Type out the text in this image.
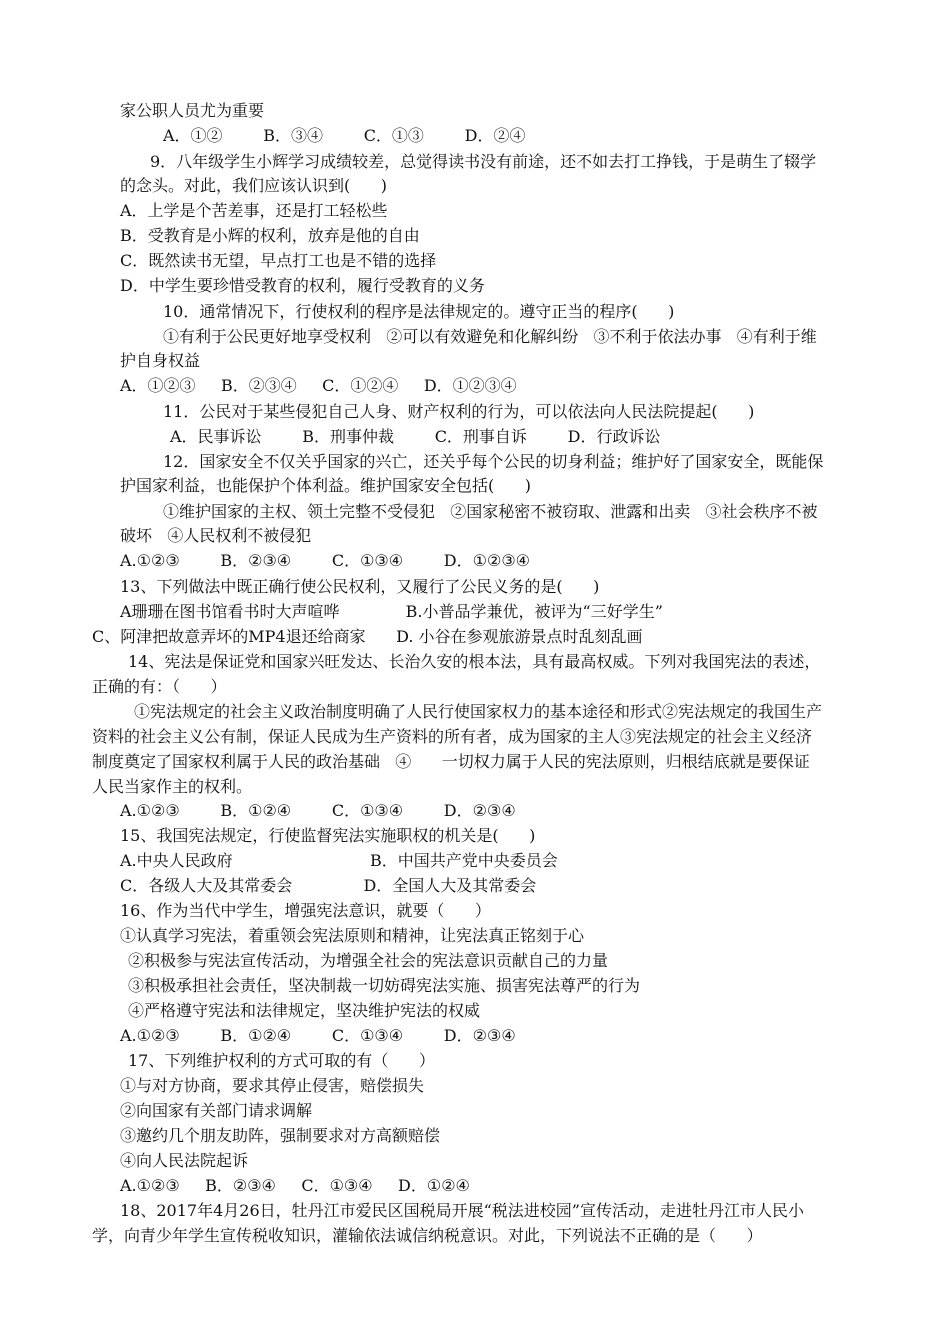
家公职人员尤为重要
A．①②        B．③④        C．①③        D．②④
9．八年级学生小辉学习成绩较差，总觉得读书没有前途，还不如去打工挣钱，于是萌生了辍学
的念头。对此，我们应该认识到(      )
A．上学是个苦差事，还是打工轻松些
B．受教育是小辉的权利，放弃是他的自由
C．既然读书无望，早点打工也是不错的选择
D．中学生要珍惜受教育的权利，履行受教育的义务
10．通常情况下，行使权利的程序是法律规定的。遵守正当的程序(      )
①有利于公民更好地享受权利   ②可以有效避免和化解纠纷   ③不利于依法办事   ④有利于维
护自身权益
A．①②③     B．②③④     C．①②④     D．①②③④
11．公民对于某些侵犯自己人身、财产权利的行为，可以依法向人民法院提起(      )
A．民事诉讼        B．刑事仲裁        C．刑事自诉        D．行政诉讼
12．国家安全不仅关乎国家的兴亡，还关乎每个公民的切身利益；维护好了国家安全，既能保
护国家利益，也能保护个体利益。维护国家安全包括(      )
①维护国家的主权、领土完整不受侵犯   ②国家秘密不被窃取、泄露和出卖   ③社会秩序不被
破坏   ④人民权利不被侵犯
A.①②③        B．②③④        C．①③④        D．①②③④
13、下列做法中既正确行使公民权利，又履行了公民义务的是(      )
A珊珊在图书馆看书时大声喧哗             B.小普品学兼优，被评为“三好学生”
C、阿津把故意弄坏的MP4退还给商家      D. 小谷在参观旅游景点时乱刻乱画
14、宪法是保证党和国家兴旺发达、长治久安的根本法，具有最高权威。下列对我国宪法的表述，
正确的有：（      ）
①宪法规定的社会主义政治制度明确了人民行使国家权力的基本途径和形式②宪法规定的我国生产
资料的社会主义公有制，保证人民成为生产资料的所有者，成为国家的主人③宪法规定的社会主义经济
制度奠定了国家权利属于人民的政治基础   ④      一切权力属于人民的宪法原则，归根结底就是要保证
人民当家作主的权利。
A.①②③        B．①②④        C．①③④        D．②③④
15、我国宪法规定，行使监督宪法实施职权的机关是(      )
A.中央人民政府                           B．中国共产党中央委员会
C．各级人大及其常委会              D．全国人大及其常委会
16、作为当代中学生，增强宪法意识，就要（      ）
①认真学习宪法，着重领会宪法原则和精神，让宪法真正铭刻于心
②积极参与宪法宣传活动，为增强全社会的宪法意识贡献自己的力量
③积极承担社会责任，坚决制裁一切妨碍宪法实施、损害宪法尊严的行为
④严格遵守宪法和法律规定，坚决维护宪法的权威
A.①②③        B．①②④        C．①③④        D．②③④
17、下列维护权利的方式可取的有（      ）
①与对方协商，要求其停止侵害，赔偿损失
②向国家有关部门请求调解
③邀约几个朋友助阵，强制要求对方高额赔偿
④向人民法院起诉
A.①②③     B．②③④     C．①③④     D．①②④
18、2017年4月26日，牡丹江市爱民区国税局开展“税法进校园”宣传活动，走进牡丹江市人民小
学，向青少年学生宣传税收知识，灌输依法诚信纳税意识。对此，下列说法不正确的是（      ）
